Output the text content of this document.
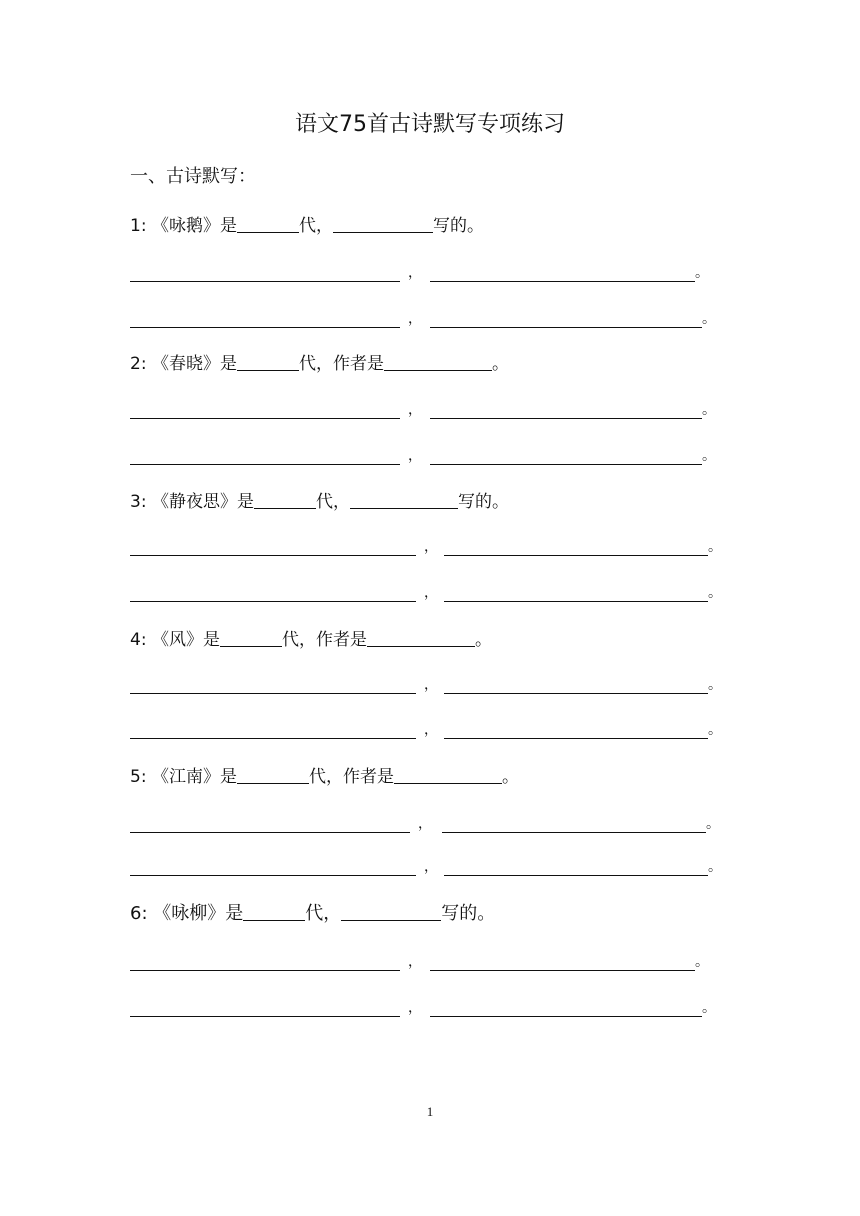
语文75首古诗默写专项练习
一、古诗默写：
1: 《咏鹅》是	代，	写的。
，	。
，	。
2: 《春晓》是	代，作者是	。
，	。
，	。
3: 《静夜思》是	代，	写的。
，	。
，	。
4: 《风》是	代，作者是	。
，	。
，	。
5: 《江南》是	代，作者是	。
，	。
，	。
6: 《咏柳》是	代，	写的。
，	。
，	。
1
